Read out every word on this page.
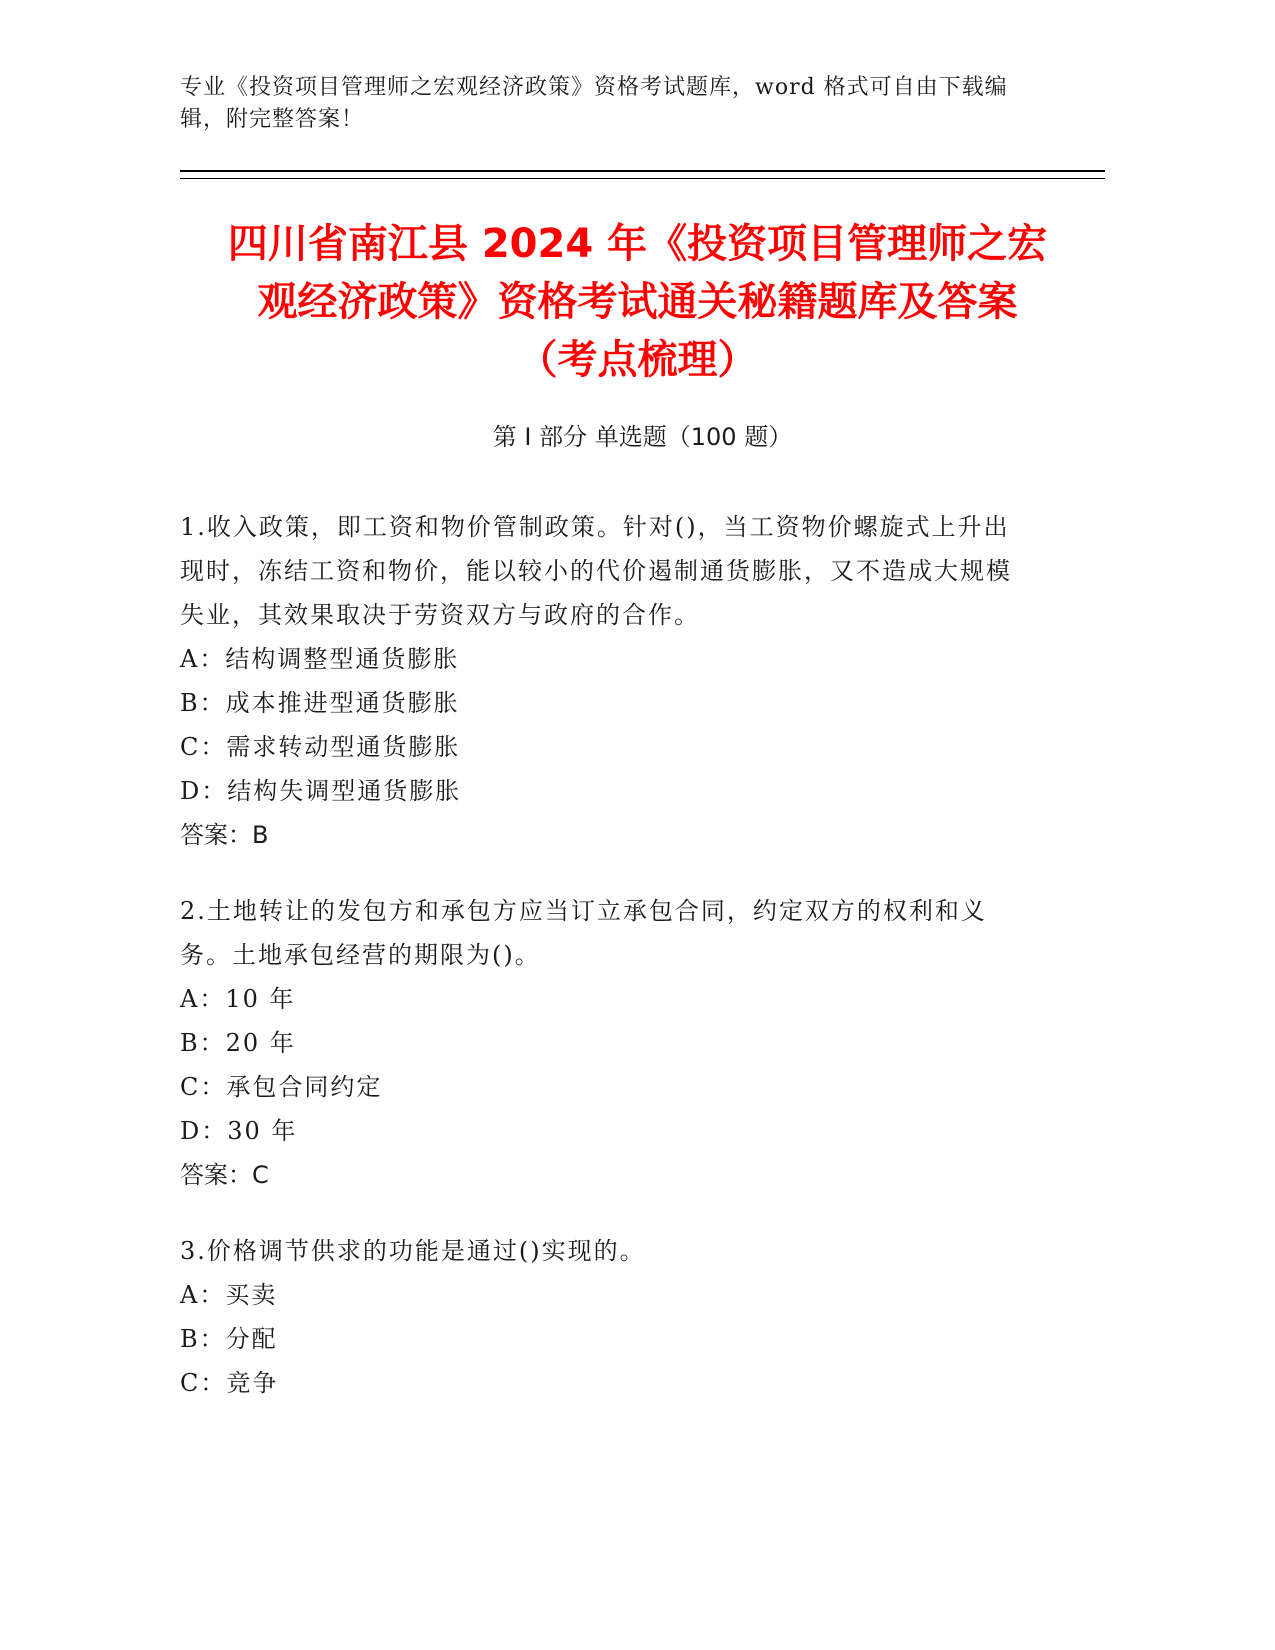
专业《投资项目管理师之宏观经济政策》资格考试题库，word 格式可自由下载编辑，附完整答案！
四川省南江县 2024 年《投资项目管理师之宏
观经济政策》资格考试通关秘籍题库及答案
（考点梳理）
第 I 部分 单选题（100 题）

1.收入政策，即工资和物价管制政策。针对()，当工资物价螺旋式上升出现时，冻结工资和物价，能以较小的代价遏制通货膨胀，又不造成大规模失业，其效果取决于劳资双方与政府的合作。

A：结构调整型通货膨胀

B：成本推进型通货膨胀

C：需求转动型通货膨胀

D：结构失调型通货膨胀

答案：B

2.土地转让的发包方和承包方应当订立承包合同，约定双方的权利和义务。土地承包经营的期限为()。

A：10 年

B：20 年

C：承包合同约定

D：30 年

答案：C

3.价格调节供求的功能是通过()实现的。

A：买卖

B：分配

C：竞争
